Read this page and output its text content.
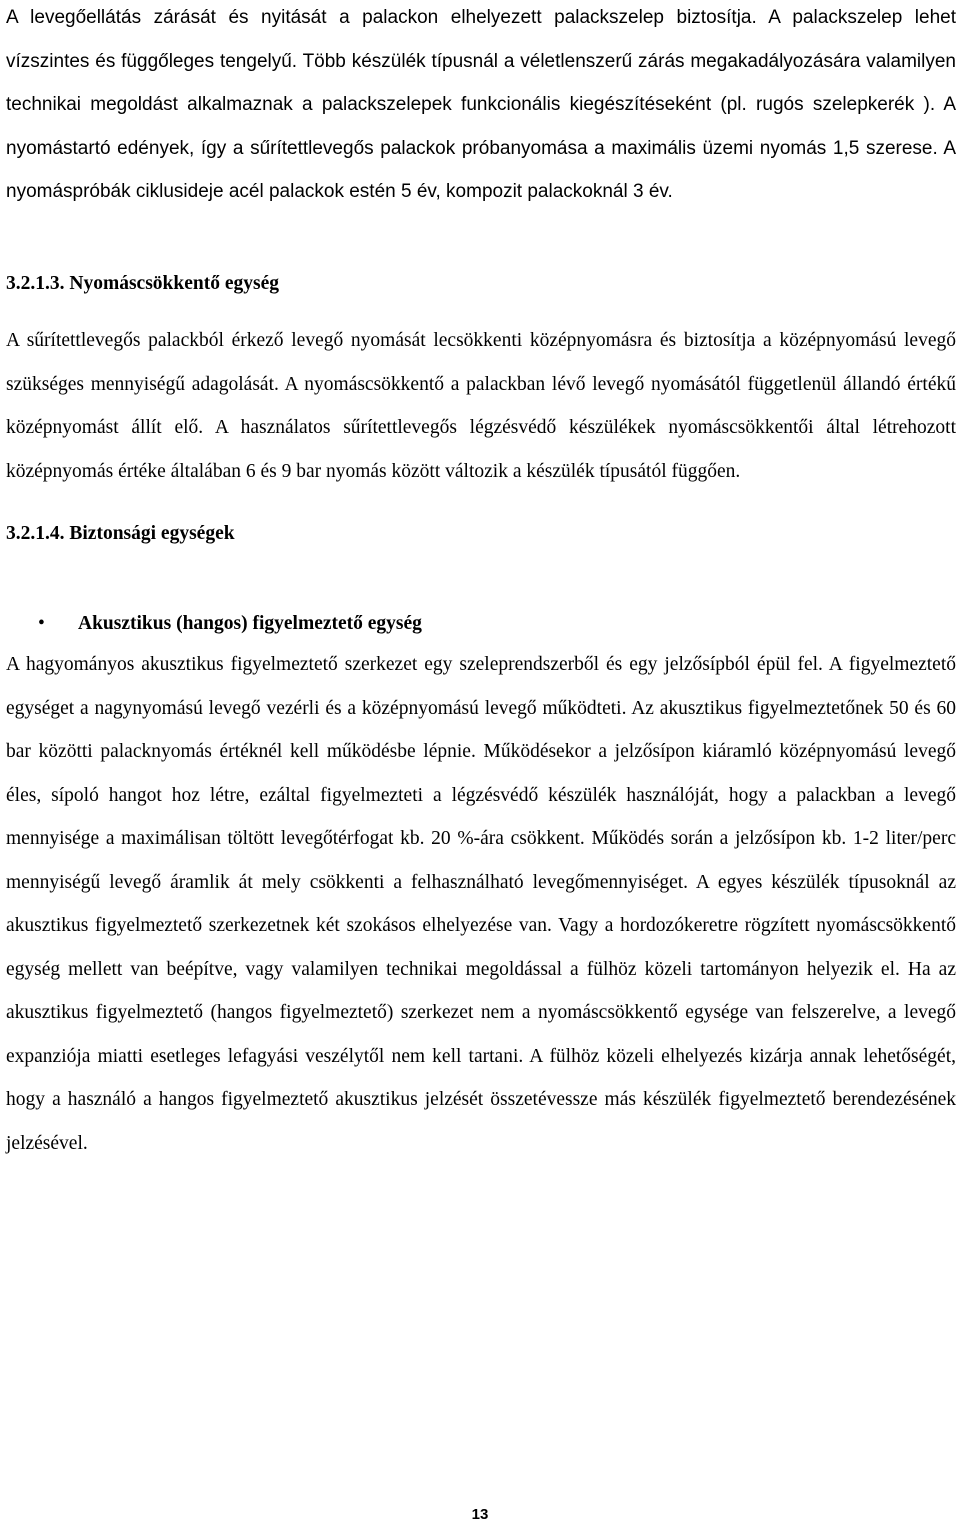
A levegőellátás zárását és nyitását a palackon elhelyezett palackszelep biztosítja. A palackszelep lehet vízszintes és függőleges tengelyű. Több készülék típusnál a véletlenszerű zárás megakadályozására valamilyen technikai megoldást alkalmaznak a palackszelepek funkcionális kiegészítéseként (pl. rugós szelepkerék ). A nyomástartó edények, így a sűrítettlevegős palackok próbanyomása a maximális üzemi nyomás 1,5 szerese. A nyomáspróbák ciklusideje acél palackok estén 5 év, kompozit palackoknál 3 év.

3.2.1.3. Nyomáscsökkentő egység

A sűrítettlevegős palackból érkező levegő nyomását lecsökkenti középnyomásra és biztosítja a középnyomású levegő szükséges mennyiségű adagolását. A nyomáscsökkentő a palackban lévő levegő nyomásától függetlenül állandó értékű középnyomást állít elő. A használatos sűrítettlevegős légzésvédő készülékek nyomáscsökkentői által létrehozott középnyomás értéke általában 6 és 9 bar nyomás között változik a készülék típusától függően.

3.2.1.4. Biztonsági egységek
•	Akusztikus (hangos) figyelmeztető egység

A hagyományos akusztikus figyelmeztető szerkezet egy szeleprendszerből és egy jelzősípból épül fel. A figyelmeztető egységet a nagynyomású levegő vezérli és a középnyomású levegő működteti. Az akusztikus figyelmeztetőnek 50 és 60 bar közötti palacknyomás értéknél kell működésbe lépnie. Működésekor a jelzősípon kiáramló középnyomású levegő éles, sípoló hangot hoz létre, ezáltal figyelmezteti a légzésvédő készülék használóját, hogy a palackban a levegő mennyisége a maximálisan töltött levegőtérfogat kb. 20 %-ára csökkent. Működés során a jelzősípon kb. 1-2 liter/perc mennyiségű levegő áramlik át mely csökkenti a felhasználható levegőmennyiséget. A egyes készülék típusoknál az akusztikus figyelmeztető szerkezetnek két szokásos elhelyezése van. Vagy a hordozókeretre rögzített nyomáscsökkentő egység mellett van beépítve, vagy valamilyen technikai megoldással a fülhöz közeli tartományon helyezik el. Ha az akusztikus figyelmeztető (hangos figyelmeztető) szerkezet nem a nyomáscsökkentő egysége van felszerelve, a levegő expanziója miatti esetleges lefagyási veszélytől nem kell tartani. A fülhöz közeli elhelyezés kizárja annak lehetőségét, hogy a használó a hangos figyelmeztető akusztikus jelzését összetévessze más készülék figyelmeztető berendezésének jelzésével.

13
